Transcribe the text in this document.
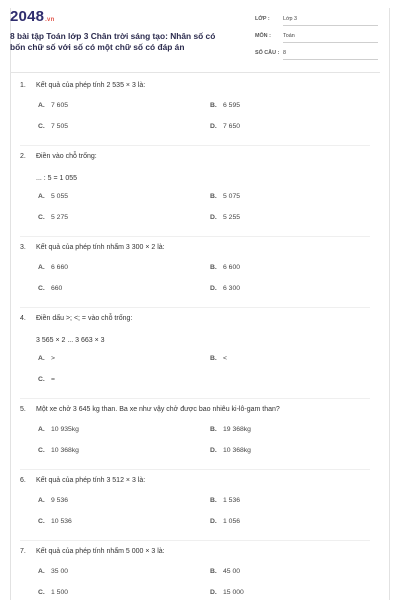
2048.vn
8 bài tập Toán lớp 3 Chân trời sáng tạo: Nhân số có bốn chữ số với số có một chữ số có đáp án
LỚP : Lớp 3
MÔN : Toán
SỐ CÂU : 8
1. Kết quả của phép tính 2 535 × 3 là:
A. 7 605	B. 6 595
C. 7 505	D. 7 650
2. Điền vào chỗ trống:
... : 5 = 1 055
A. 5 055	B. 5 075
C. 5 275	D. 5 255
3. Kết quả của phép tính nhẩm 3 300 × 2 là:
A. 6 660	B. 6 600
C. 660	D. 6 300
4. Điền dấu >; <; = vào chỗ trống:
3 565 × 2 ... 3 663 × 3
A. >	B. <
C. =
5. Một xe chở 3 645 kg than. Ba xe như vậy chở được bao nhiêu ki-lô-gam than?
A. 10 935kg	B. 19 368kg
C. 10 368kg	D. 10 368kg
6. Kết quả của phép tính 3 512 × 3 là:
A. 9 536	B. 1 536
C. 10 536	D. 1 056
7. Kết quả của phép tính nhẩm 5 000 × 3 là:
A. 35 00	B. 45 00
C. 1 500	D. 15 000
